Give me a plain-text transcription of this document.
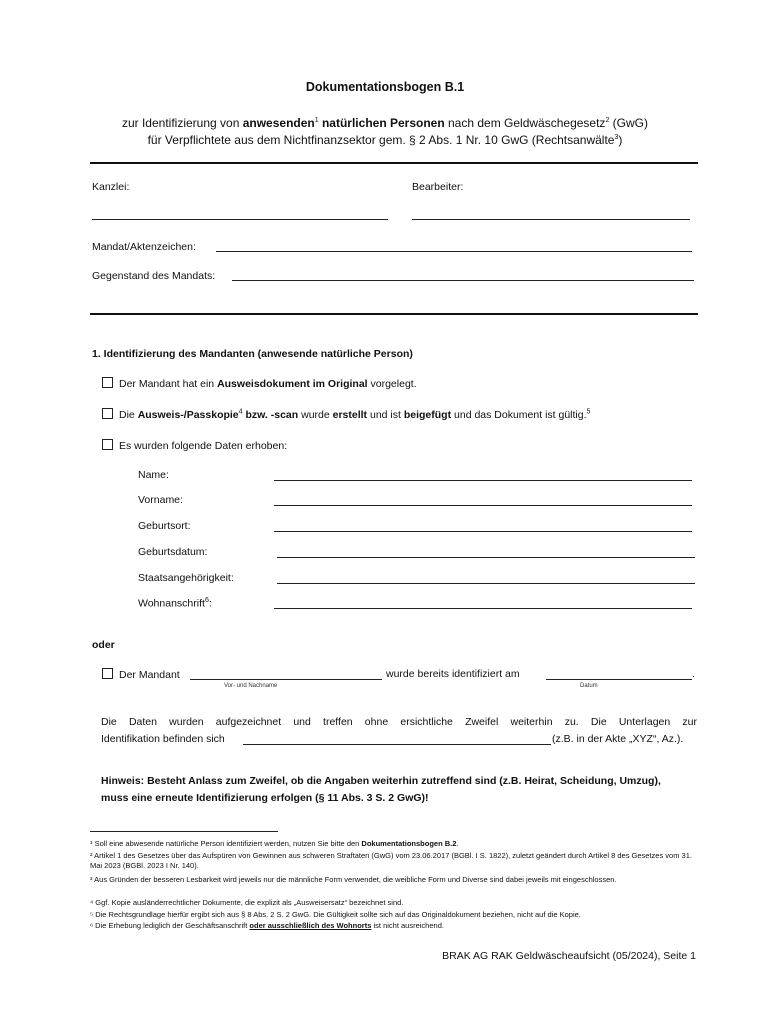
Dokumentationsbogen B.1
zur Identifizierung von anwesenden$^1$ natürlichen Personen nach dem Geldwäschegesetz$^2$ (GwG)
für Verpflichtete aus dem Nichtfinanzsektor gem. § 2 Abs. 1 Nr. 10 GwG (Rechtsanwälte$^3$)
Kanzlei:	Bearbeiter:
Mandat/Aktenzeichen:
Gegenstand des Mandats:
1. Identifizierung des Mandanten (anwesende natürliche Person)
Der Mandant hat ein Ausweisdokument im Original vorgelegt.
Die Ausweis-/Passkopie$^4$ bzw. -scan wurde erstellt und ist beigefügt und das Dokument ist gültig.$^5$
Es wurden folgende Daten erhoben:
Name:
Vorname:
Geburtsort:
Geburtsdatum:
Staatsangehörigkeit:
Wohnanschrift$^6$:
oder
Der Mandant	wurde bereits identifiziert am	.
Vor- und Nachname	Datum
Die Daten wurden aufgezeichnet und treffen ohne ersichtliche Zweifel weiterhin zu. Die Unterlagen zur
Identifikation befinden sich	(z.B. in der Akte „XYZ“, Az.).
Hinweis: Besteht Anlass zum Zweifel, ob die Angaben weiterhin zutreffend sind (z.B. Heirat, Scheidung, Umzug),
muss eine erneute Identifizierung erfolgen (§ 11 Abs. 3 S. 2 GwG)!
¹ Soll eine abwesende natürliche Person identifiziert werden, nutzen Sie bitte den Dokumentationsbogen B.2.
² Artikel 1 des Gesetzes über das Aufspüren von Gewinnen aus schweren Straftaten (GwG) vom 23.06.2017 (BGBl. I S. 1822), zuletzt geändert durch Artikel 8 des Gesetzes vom 31. Mai 2023 (BGBl. 2023 I Nr. 140).
³ Aus Gründen der besseren Lesbarkeit wird jeweils nur die männliche Form verwendet, die weibliche Form und Diverse sind dabei jeweils mit eingeschlossen.
⁴ Ggf. Kopie ausländerrechtlicher Dokumente, die explizit als „Ausweisersatz“ bezeichnet sind.
⁵ Die Rechtsgrundlage hierfür ergibt sich aus § 8 Abs. 2 S. 2 GwG. Die Gültigkeit sollte sich auf das Originaldokument beziehen, nicht auf die Kopie.
⁶ Die Erhebung lediglich der Geschäftsanschrift oder ausschließlich des Wohnorts ist nicht ausreichend.
BRAK AG RAK Geldwäscheaufsicht (05/2024), Seite 1
